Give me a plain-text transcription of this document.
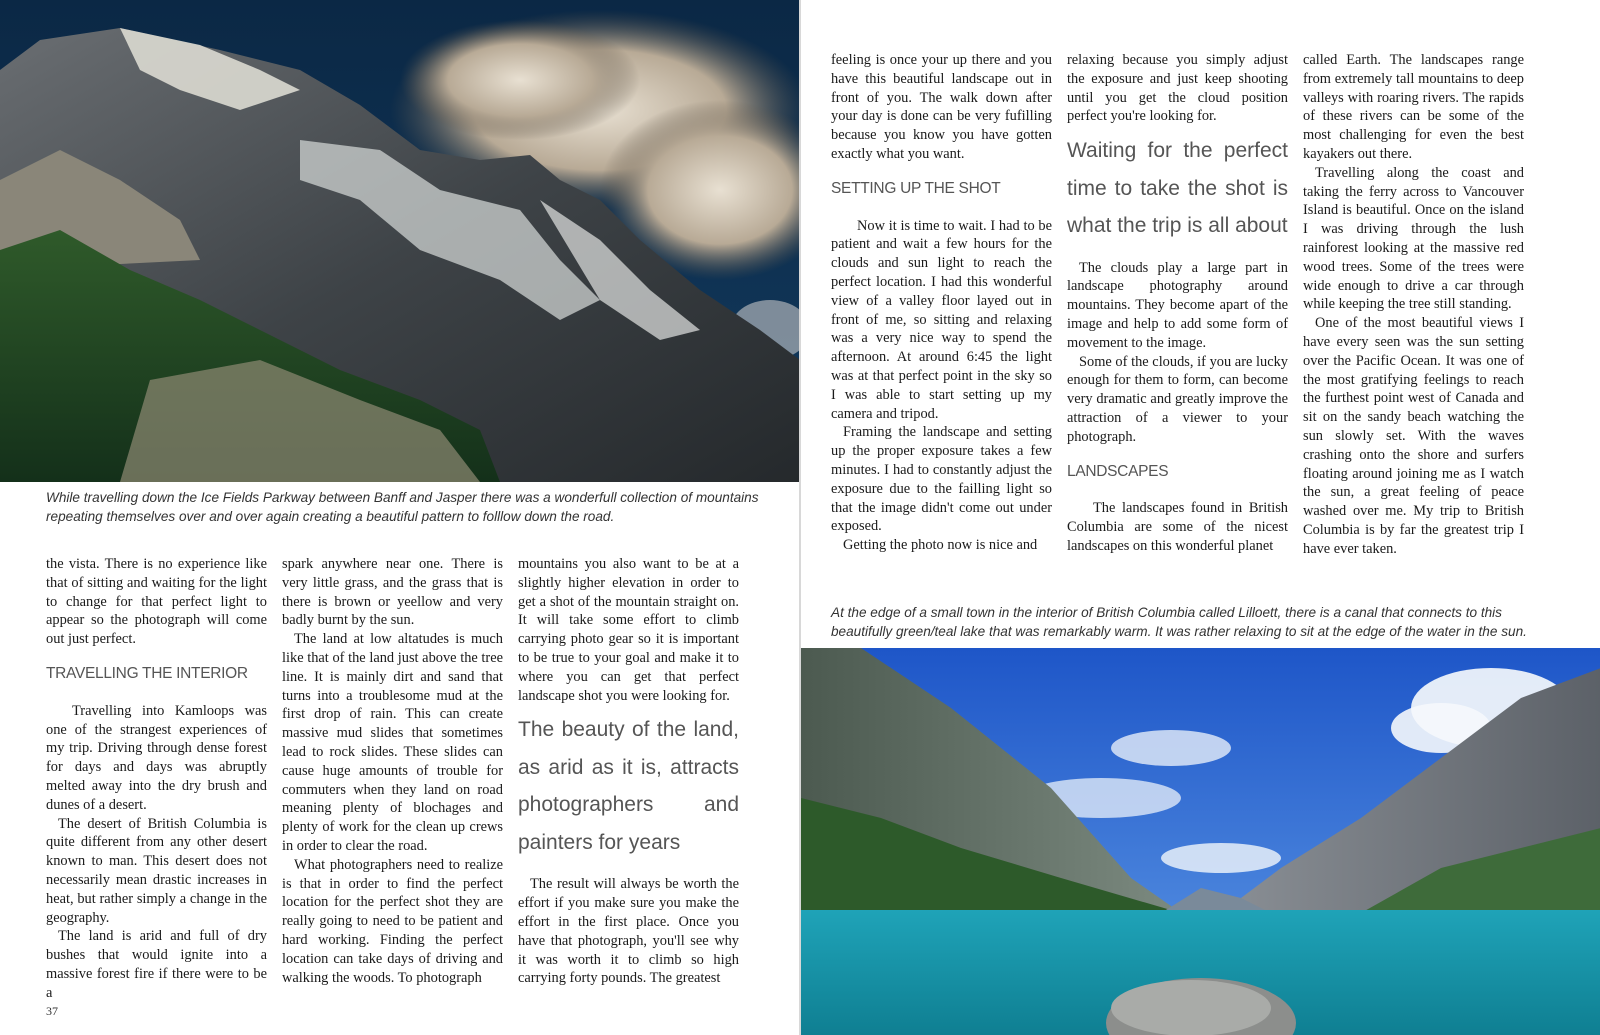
While travelling down the Ice Fields Parkway between Banff and Jasper there was a wonderfull collection of mountains repeating themselves over and over again creating a beautiful pattern to folllow down the road.

the vista. There is no experience like that of sitting and waiting for the light to change for that perfect light to appear so the photograph will come out just perfect.

TRAVELLING THE INTERIOR

Travelling into Kamloops was one of the strangest experiences of my trip. Driving through dense forest for days and days was abruptly melted away into the dry brush and dunes of a desert.

The desert of British Columbia is quite different from any other desert known to man. This desert does not necessarily mean drastic increases in heat, but rather simply a change in the geography.

The land is arid and full of dry bushes that would ignite into a massive forest fire if there were to be a

spark anywhere near one. There is very little grass, and the grass that is there is brown or yeellow and very badly burnt by the sun.

The land at low altatudes is much like that of the land just above the tree line. It is mainly dirt and sand that turns into a troublesome mud at the first drop of rain. This can create massive mud slides that sometimes lead to rock slides. These slides can cause huge amounts of trouble for commuters when they land on road meaning plenty of blochages and plenty of work for the clean up crews in order to clear the road.

What photographers need to realize is that in order to find the perfect location for the perfect shot they are really going to need to be patient and hard working. Finding the perfect location can take days of driving and walking the woods. To photograph

mountains you also want to be at a slightly higher elevation in order to get a shot of the mountain straight on. It will take some effort to climb carrying photo gear so it is important to be true to your goal and make it to where you can get that perfect landscape shot you were looking for.

The beauty of the land, as arid as it is, attracts photographers and painters for years

The result will always be worth the effort if you make sure you make the effort in the first place. Once you have that photograph, you'll see why it was worth it to climb so high carrying forty pounds. The greatest

37

feeling is once your up there and you have this beautiful landscape out in front of you. The walk down after your day is done can be very fufilling because you know you have gotten exactly what you want.

SETTING UP THE SHOT

Now it is time to wait. I had to be patient and wait a few hours for the clouds and sun light to reach the perfect location. I had this wonderful view of a valley floor layed out in front of me, so sitting and relaxing was a very nice way to spend the afternoon. At around 6:45 the light was at that perfect point in the sky so I was able to start setting up my camera and tripod.

Framing the landscape and setting up the proper exposure takes a few minutes. I had to constantly adjust the exposure due to the failling light so that the image didn't come out under exposed.

Getting the photo now is nice and

relaxing because you simply adjust the exposure and just keep shooting until you get the cloud position perfect you're looking for.

Waiting for the perfect time to take the shot is what the trip is all about

The clouds play a large part in landscape photography around mountains. They become apart of the image and help to add some form of movement to the image.

Some of the clouds, if you are lucky enough for them to form, can become very dramatic and greatly improve the attraction of a viewer to your photograph.

LANDSCAPES

The landscapes found in British Columbia are some of the nicest landscapes on this wonderful planet

called Earth. The landscapes range from extremely tall mountains to deep valleys with roaring rivers. The rapids of these rivers can be some of the most challenging for even the best kayakers out there.

Travelling along the coast and taking the ferry across to Vancouver Island is beautiful. Once on the island I was driving through the lush rainforest looking at the massive red wood trees. Some of the trees were wide enough to drive a car through while keeping the tree still standing.

One of the most beautiful views I have every seen was the sun setting over the Pacific Ocean. It was one of the most gratifying feelings to reach the furthest point west of Canada and sit on the sandy beach watching the sun slowly set. With the waves crashing onto the shore and surfers floating around joining me as I watch the sun, a great feeling of peace washed over me. My trip to British Columbia is by far the greatest trip I have ever taken.

At the edge of a small town in the interior of British Columbia called Lilloett, there is a canal that connects to this beautifully green/teal lake that was remarkably warm. It was rather relaxing to sit at the edge of the water in the sun.
